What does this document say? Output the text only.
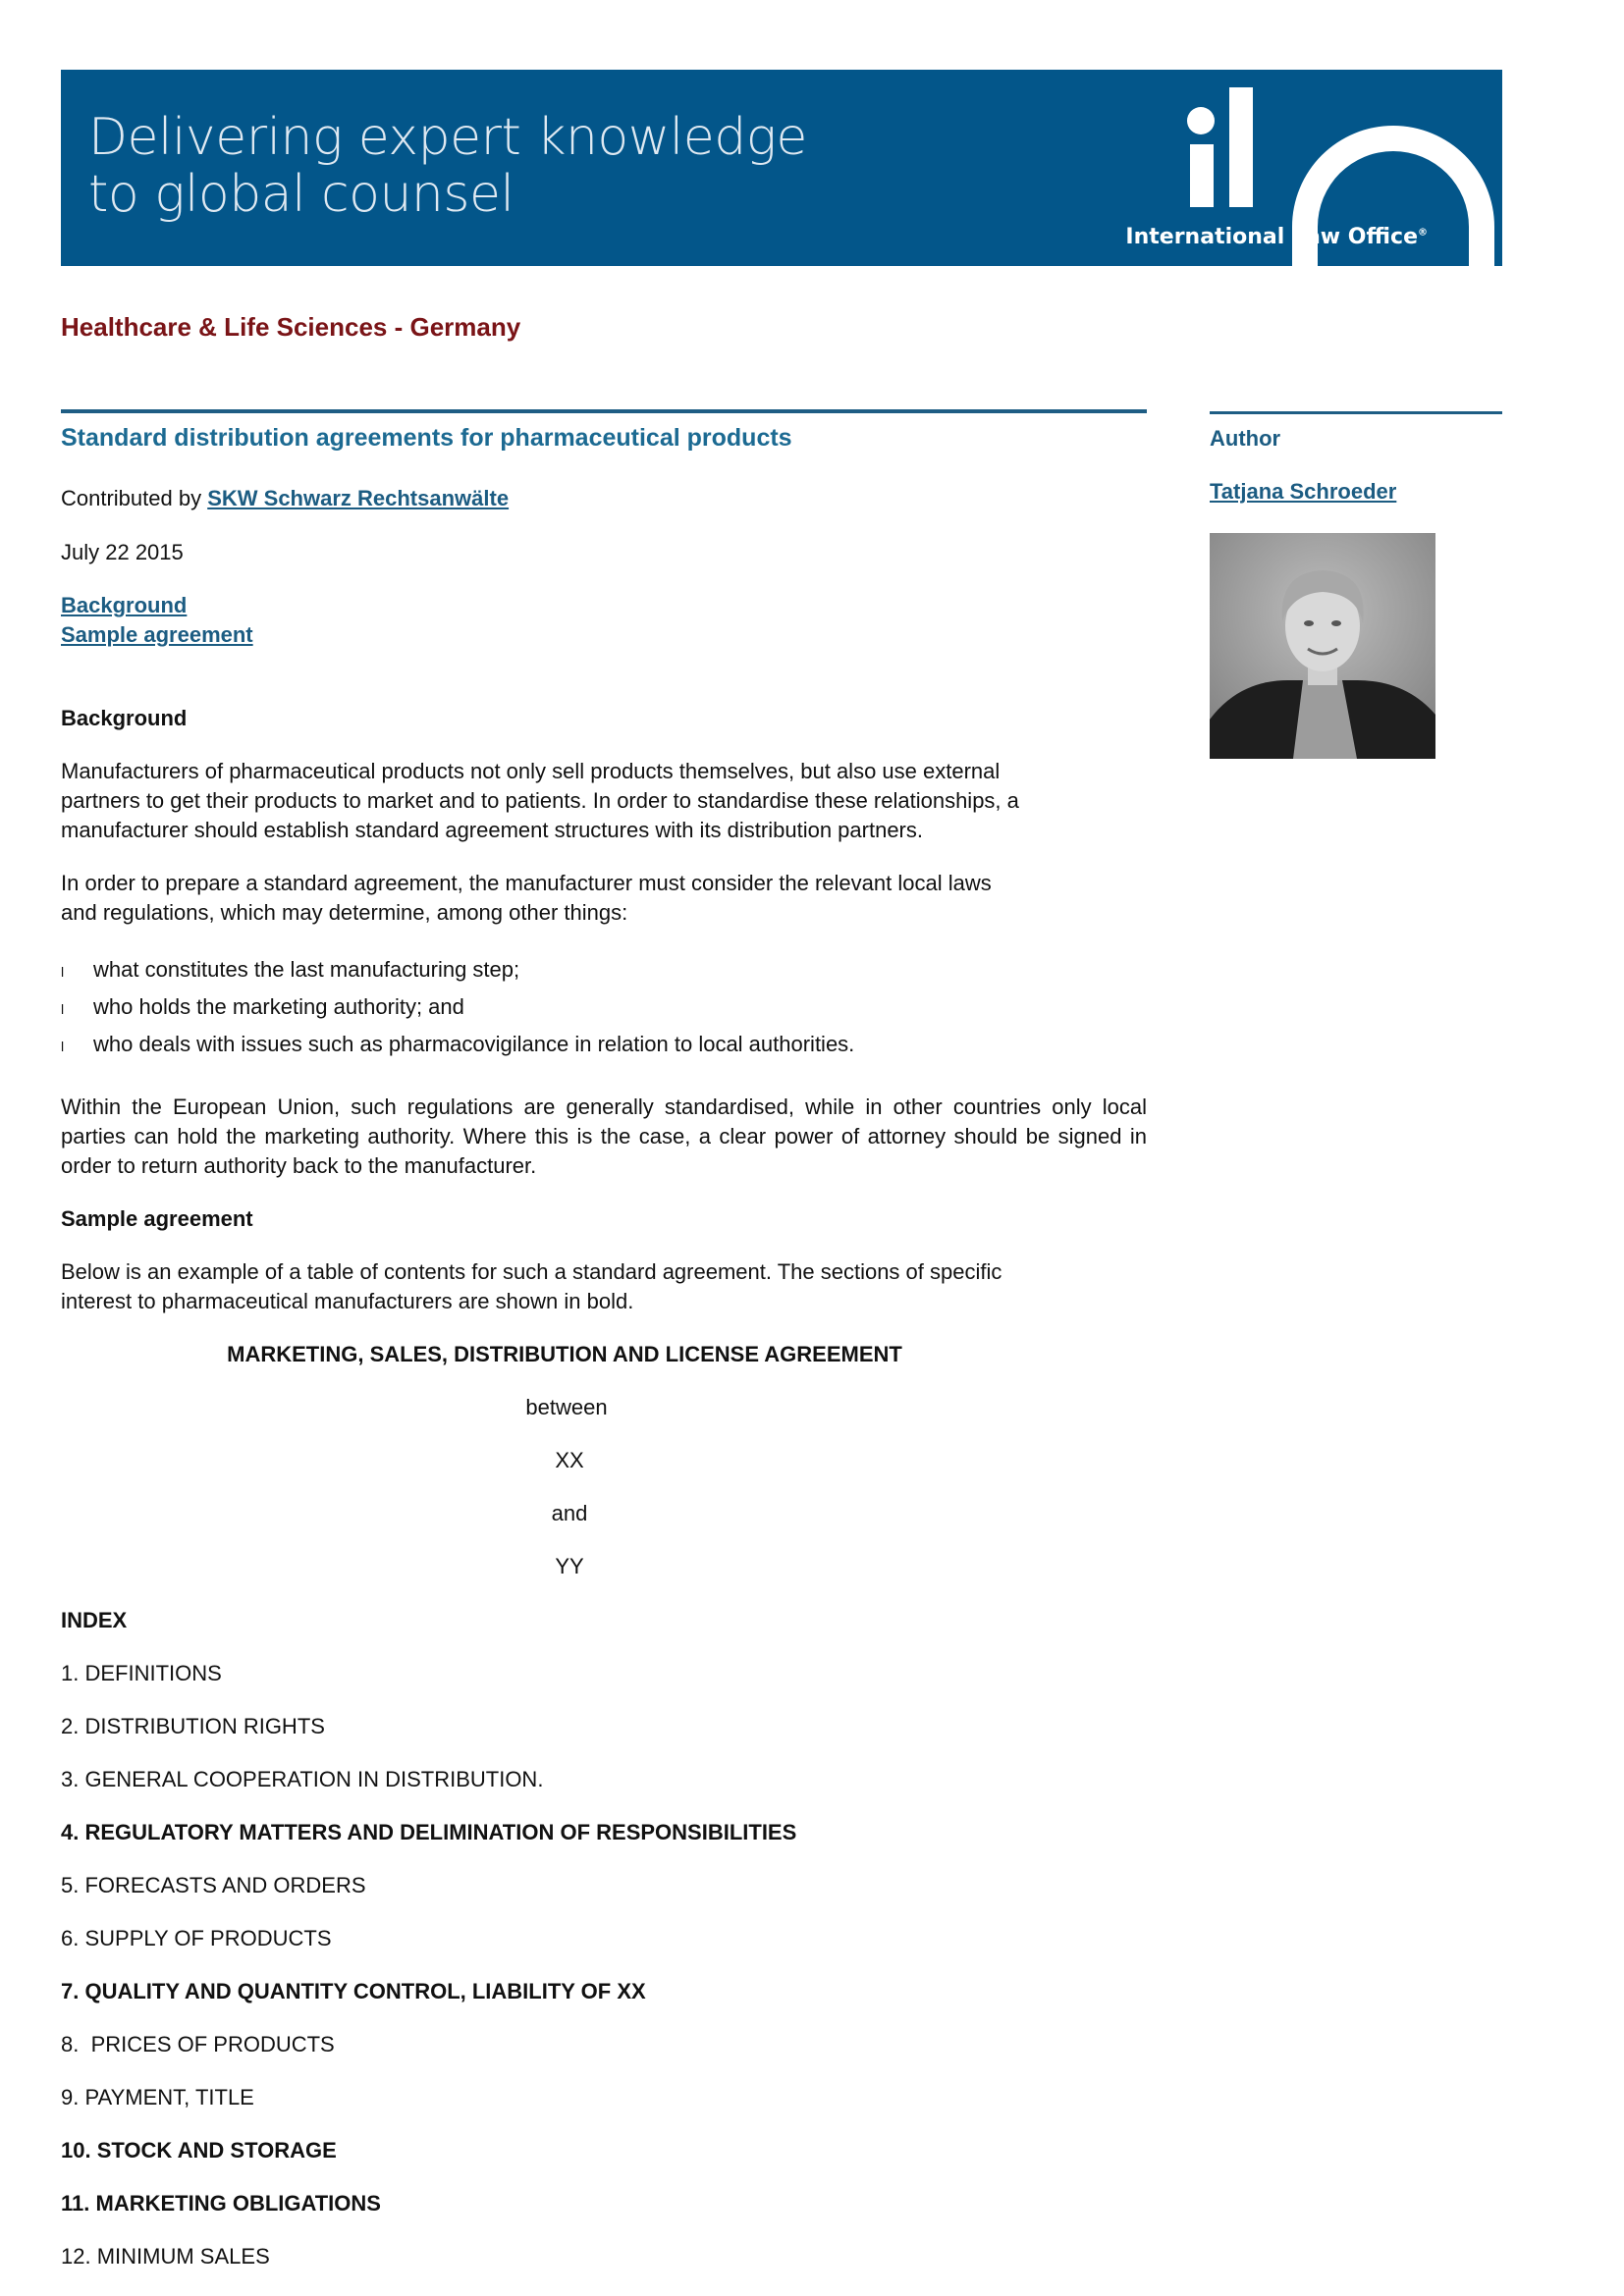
Delivering expert knowledge
to global counsel
International Law Office®
Healthcare & Life Sciences - Germany
Standard distribution agreements for pharmaceutical products
Contributed by SKW Schwarz Rechtsanwälte
July 22 2015
Background
Sample agreement
Background
Manufacturers of pharmaceutical products not only sell products themselves, but also use external
partners to get their products to market and to patients. In order to standardise these relationships, a
manufacturer should establish standard agreement structures with its distribution partners.
In order to prepare a standard agreement, the manufacturer must consider the relevant local laws
and regulations, which may determine, among other things:
l what constitutes the last manufacturing step;
l who holds the marketing authority; and
l who deals with issues such as pharmacovigilance in relation to local authorities.
Within the European Union, such regulations are generally standardised, while in other countries only local parties can hold the marketing authority. Where this is the case, a clear power of attorney should be signed in order to return authority back to the manufacturer.
Sample agreement
Below is an example of a table of contents for such a standard agreement. The sections of specific
interest to pharmaceutical manufacturers are shown in bold.
MARKETING, SALES, DISTRIBUTION AND LICENSE AGREEMENT
between
XX
and
YY
INDEX
1. DEFINITIONS
2. DISTRIBUTION RIGHTS
3. GENERAL COOPERATION IN DISTRIBUTION.
4. REGULATORY MATTERS AND DELIMINATION OF RESPONSIBILITIES
5. FORECASTS AND ORDERS
6. SUPPLY OF PRODUCTS
7. QUALITY AND QUANTITY CONTROL, LIABILITY OF XX
8. PRICES OF PRODUCTS
9. PAYMENT, TITLE
10. STOCK AND STORAGE
11. MARKETING OBLIGATIONS
12. MINIMUM SALES
Author
Tatjana Schroeder
